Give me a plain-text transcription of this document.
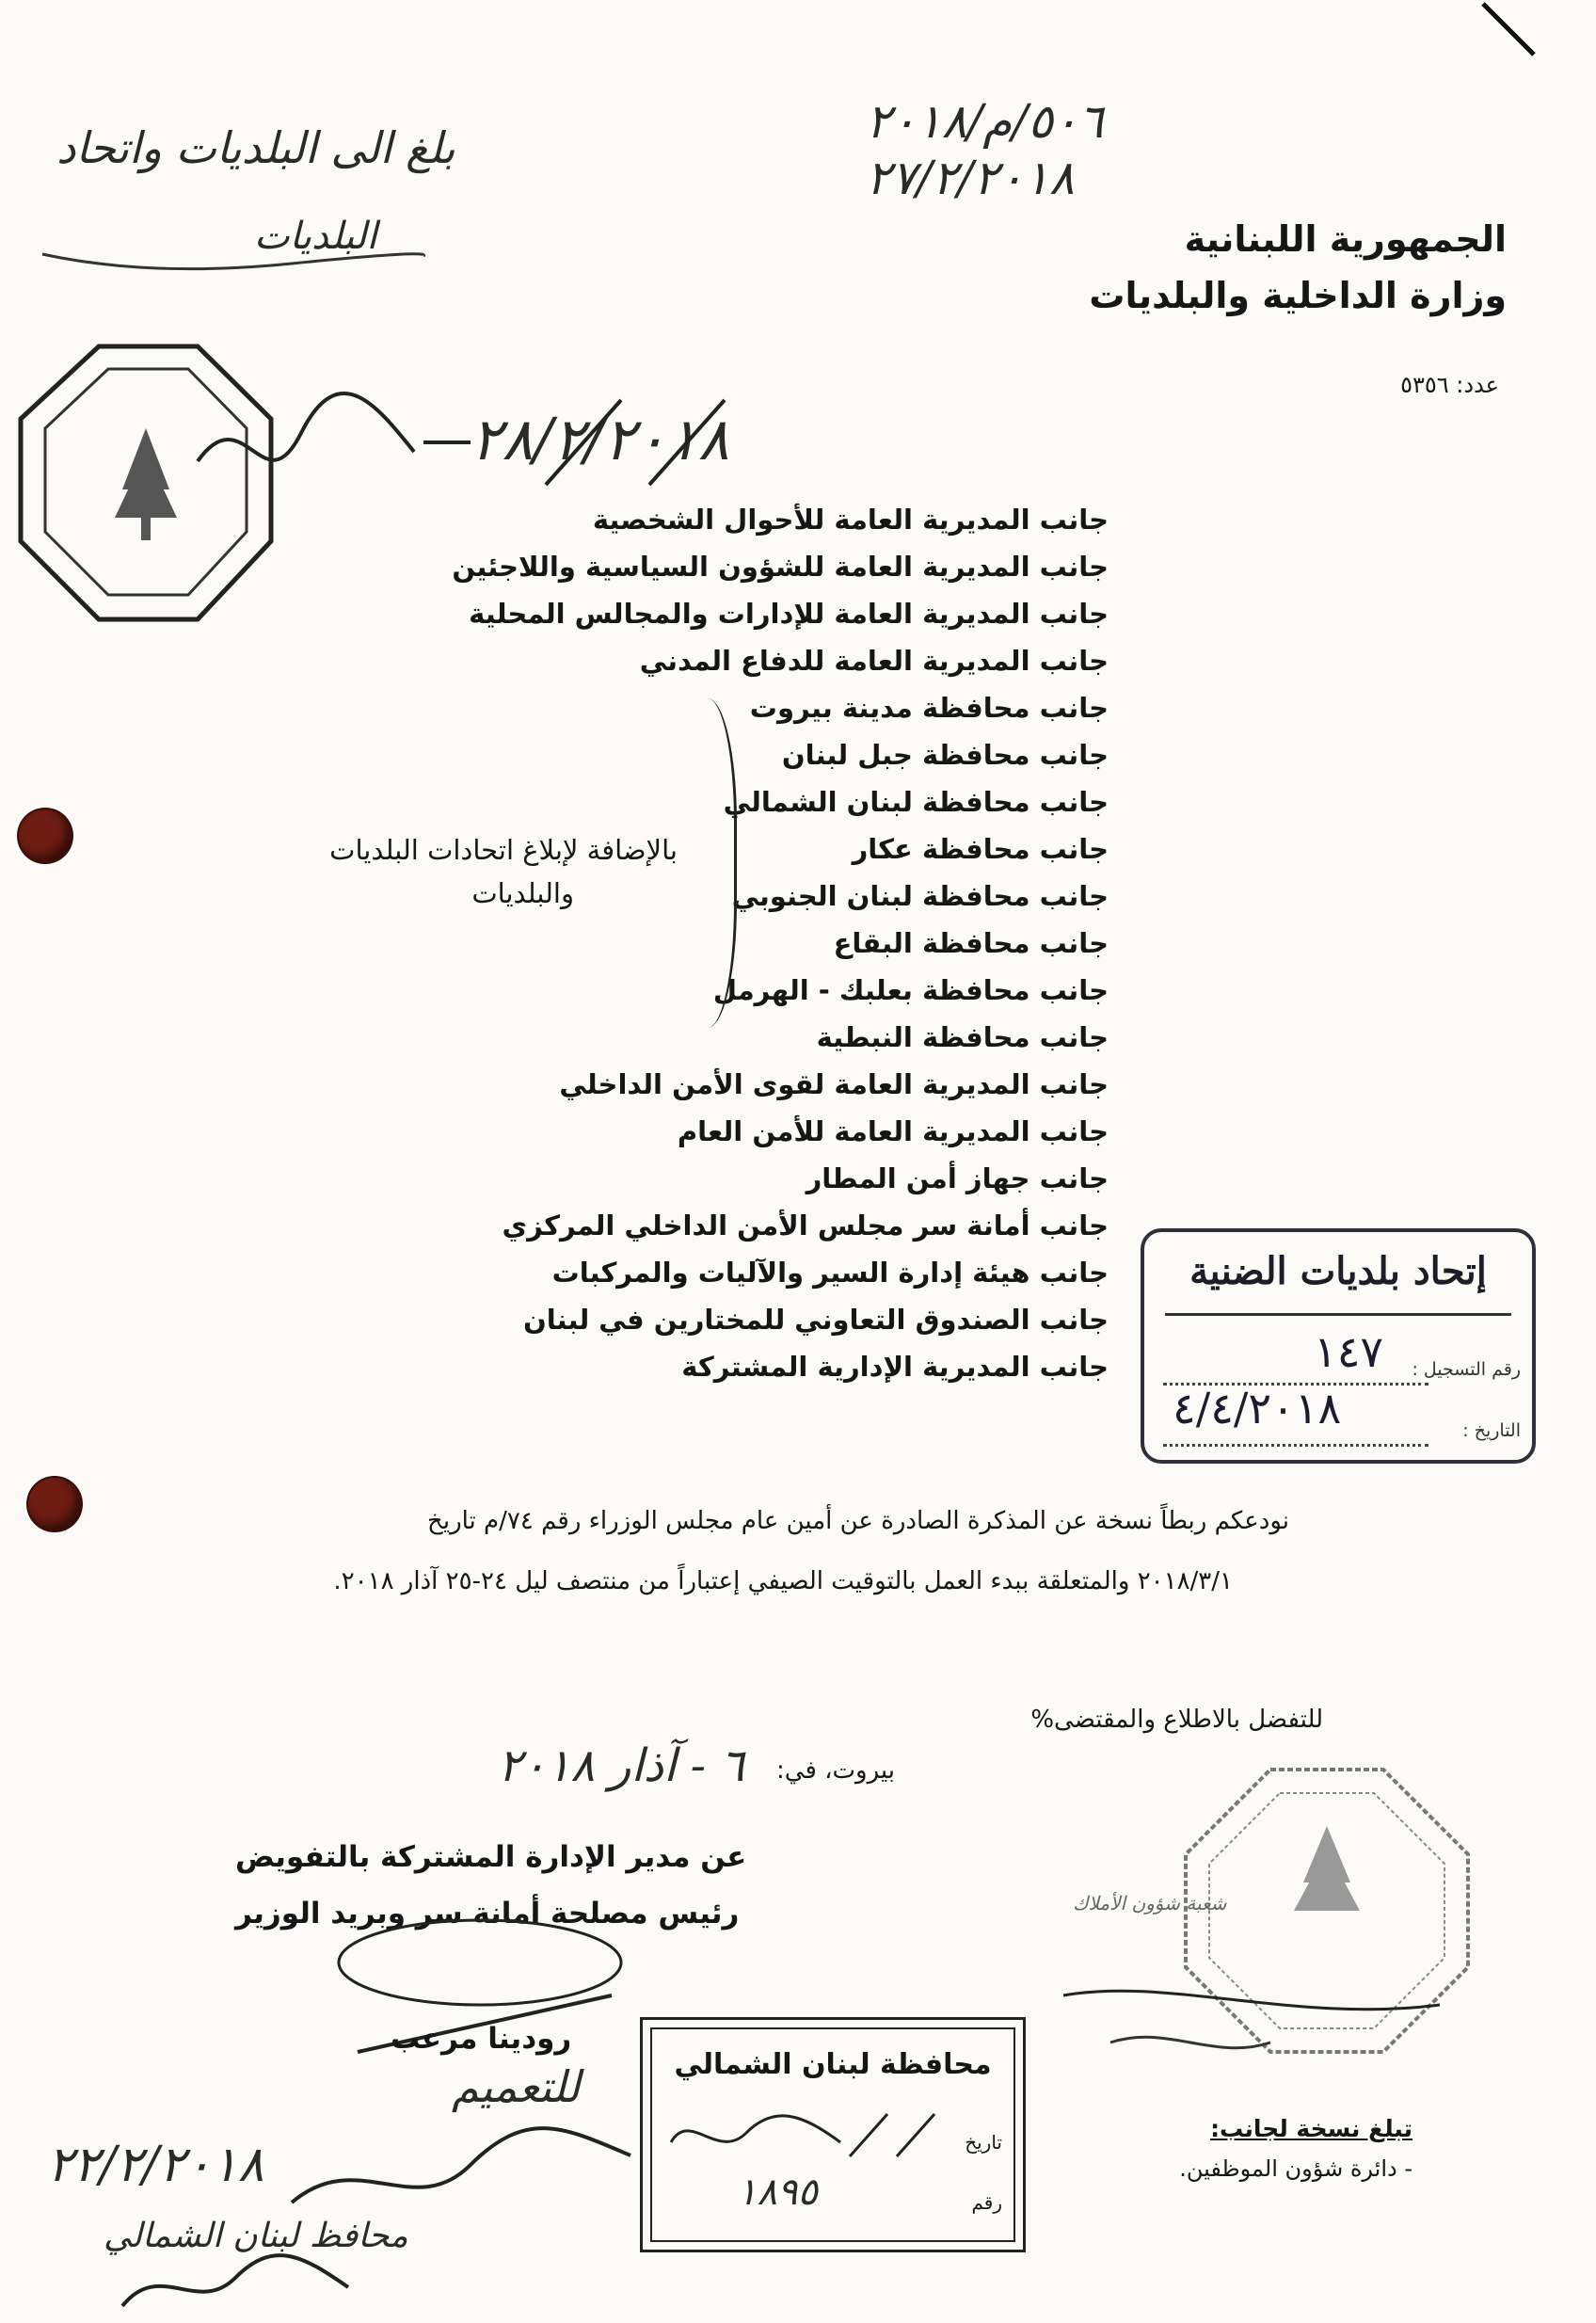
٥٠٦/م/٢٠١٨
٢٧/٢/٢٠١٨
بلغ الى البلديات واتحاد
البلديات	الجمهورية اللبنانية
وزارة الداخلية والبلديات
عدد: ٥٣٥٦
٢٨/٢/٢٠١٨
جانب المديرية العامة للأحوال الشخصية
جانب المديرية العامة للشؤون السياسية واللاجئين
جانب المديرية العامة للإدارات والمجالس المحلية
جانب المديرية العامة للدفاع المدني
جانب محافظة مدينة بيروت
جانب محافظة جبل لبنان
جانب محافظة لبنان الشمالي
جانب محافظة عكار
جانب محافظة لبنان الجنوبي
جانب محافظة البقاع
جانب محافظة بعلبك - الهرمل
جانب محافظة النبطية
جانب المديرية العامة لقوى الأمن الداخلي
جانب المديرية العامة للأمن العام
جانب جهاز أمن المطار
جانب أمانة سر مجلس الأمن الداخلي المركزي
جانب هيئة إدارة السير والآليات والمركبات
جانب الصندوق التعاوني للمختارين في لبنان
جانب المديرية الإدارية المشتركة
بالإضافة لإبلاغ اتحادات البلديات
والبلديات
إتحاد بلديات الضنية
رقم التسجيل :
١٤٧
التاريخ :
٤/٤/٢٠١٨
نودعكم ربطاً نسخة عن المذكرة الصادرة عن أمين عام مجلس الوزراء رقم ٧٤/م تاريخ
٢٠١٨/٣/١ والمتعلقة ببدء العمل بالتوقيت الصيفي إعتباراً من منتصف ليل ٢٤-٢٥ آذار ٢٠١٨.
للتفضل بالاطلاع والمقتضى%
بيروت، في:
٦ - آذار ٢٠١٨
عن مدير الإدارة المشتركة بالتفويض
رئيس مصلحة أمانة سر وبريد الوزير
رودينا مرعب
شعبة شؤون الأملاك
محافظة لبنان الشمالي
تاريخ
رقم
١٨٩٥
٢٢/٢/٢٠١٨
للتعميم
محافظ لبنان الشمالي
تبلغ نسخة لجانب:
- دائرة شؤون الموظفين.
